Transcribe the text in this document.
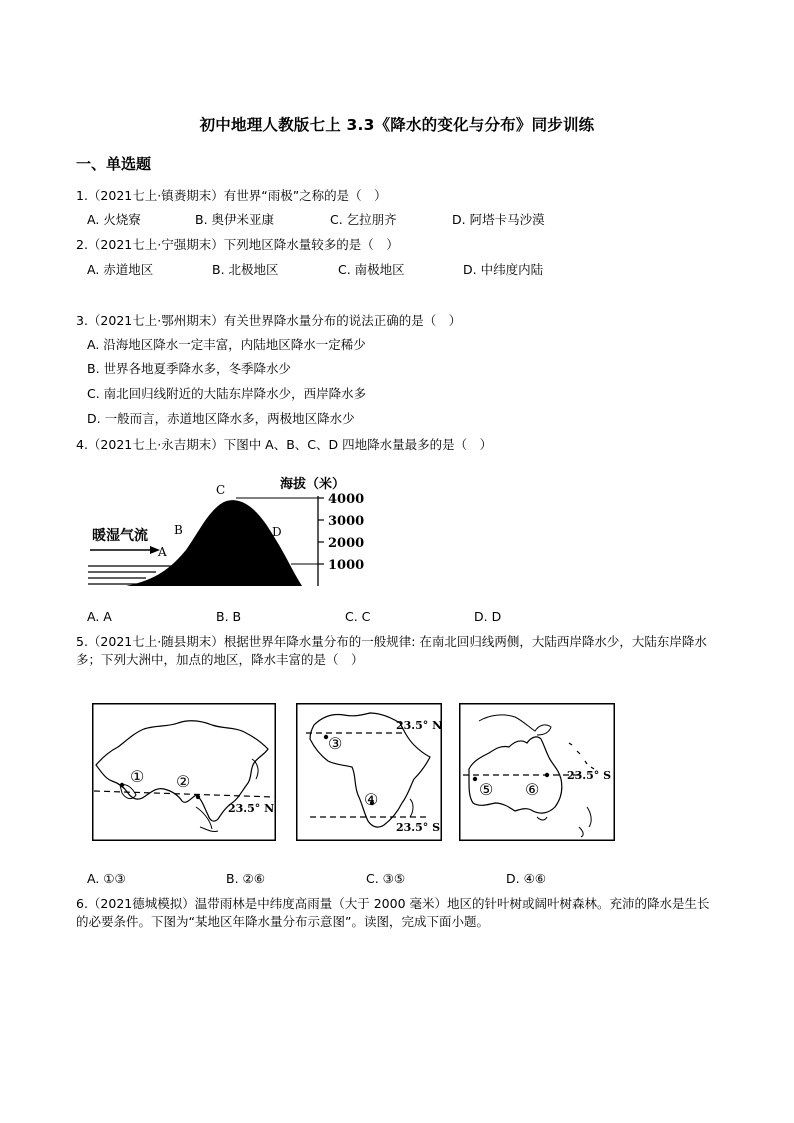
初中地理人教版七上 3.3《降水的变化与分布》同步训练
一、单选题
1.（2021七上·镇赉期末）有世界“雨极”之称的是（　）
A. 火烧寮	B. 奥伊米亚康	C. 乞拉朋齐	D. 阿塔卡马沙漠
2.（2021七上·宁强期末）下列地区降水量较多的是（　）
A. 赤道地区	B. 北极地区	C. 南极地区	D. 中纬度内陆
3.（2021七上·鄂州期末）有关世界降水量分布的说法正确的是（　）
A. 沿海地区降水一定丰富，内陆地区降水一定稀少
B. 世界各地夏季降水多，冬季降水少
C. 南北回归线附近的大陆东岸降水少，西岸降水多
D. 一般而言，赤道地区降水多，两极地区降水少
4.（2021七上·永吉期末）下图中 A、B、C、D 四地降水量最多的是（　）
暖湿气流
A
B
C
D
海拔（米）
4000
3000
2000
1000
A. A	B. B	C. C	D. D
5.（2021七上·随县期末）根据世界年降水量分布的一般规律: 在南北回归线两侧，大陆西岸降水少，大陆东岸降水多；下列大洲中，加点的地区，降水丰富的是（　）
① ②
23.5° N
③
④
23.5° N
23.5° S
⑤ ⑥
23.5° S
A. ①③	B. ②⑥	C. ③⑤	D. ④⑥
6.（2021德城模拟）温带雨林是中纬度高雨量（大于 2000 毫米）地区的针叶树或阔叶树森林。充沛的降水是生长的必要条件。下图为“某地区年降水量分布示意图”。读图，完成下面小题。
